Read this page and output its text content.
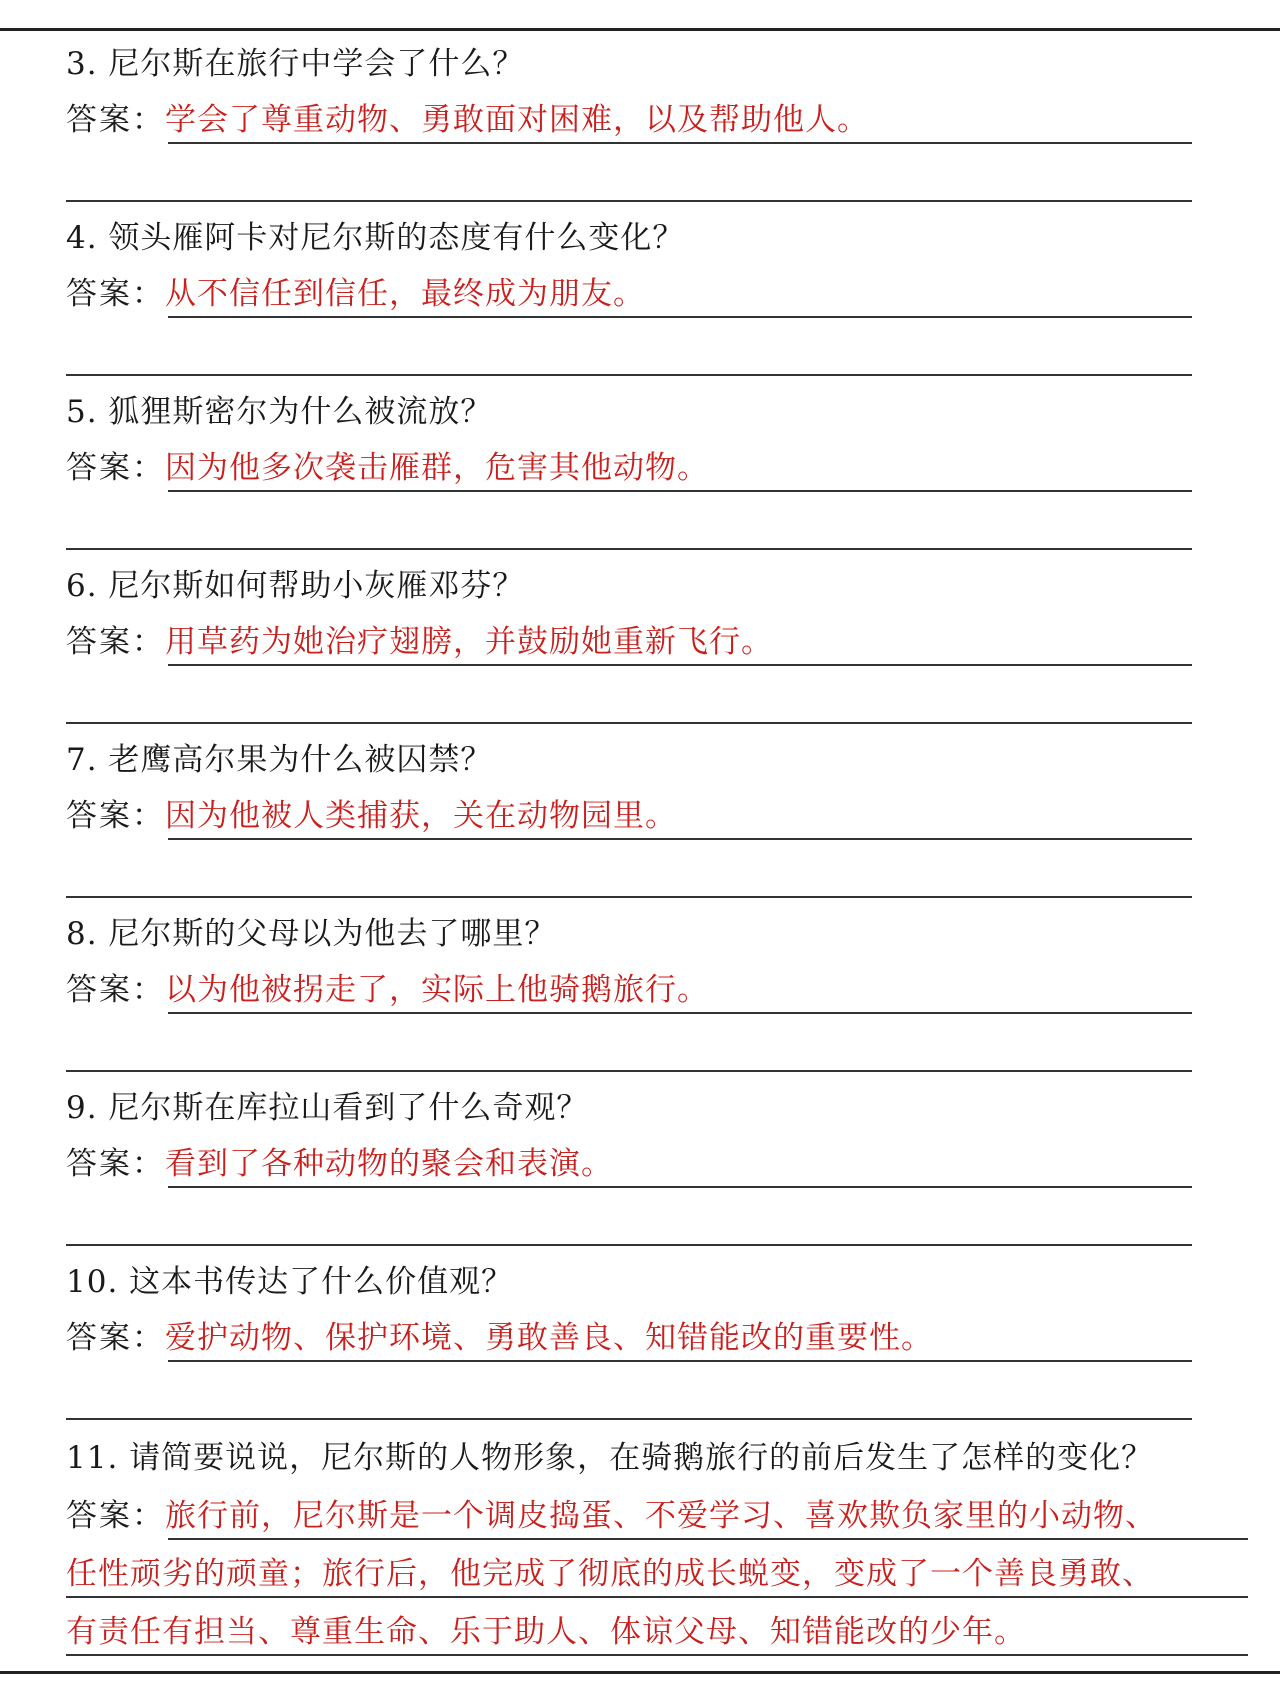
3. 尼尔斯在旅行中学会了什么？
答案：学会了尊重动物、勇敢面对困难，以及帮助他人。
4. 领头雁阿卡对尼尔斯的态度有什么变化？
答案：从不信任到信任，最终成为朋友。
5. 狐狸斯密尔为什么被流放？
答案：因为他多次袭击雁群，危害其他动物。
6. 尼尔斯如何帮助小灰雁邓芬？
答案：用草药为她治疗翅膀，并鼓励她重新飞行。
7. 老鹰高尔果为什么被囚禁？
答案：因为他被人类捕获，关在动物园里。
8. 尼尔斯的父母以为他去了哪里？
答案：以为他被拐走了，实际上他骑鹅旅行。
9. 尼尔斯在库拉山看到了什么奇观？
答案：看到了各种动物的聚会和表演。
10. 这本书传达了什么价值观？
答案：爱护动物、保护环境、勇敢善良、知错能改的重要性。
11. 请简要说说，尼尔斯的人物形象，在骑鹅旅行的前后发生了怎样的变化？
答案：旅行前，尼尔斯是一个调皮捣蛋、不爱学习、喜欢欺负家里的小动物、
任性顽劣的顽童；旅行后，他完成了彻底的成长蜕变，变成了一个善良勇敢、
有责任有担当、尊重生命、乐于助人、体谅父母、知错能改的少年。
